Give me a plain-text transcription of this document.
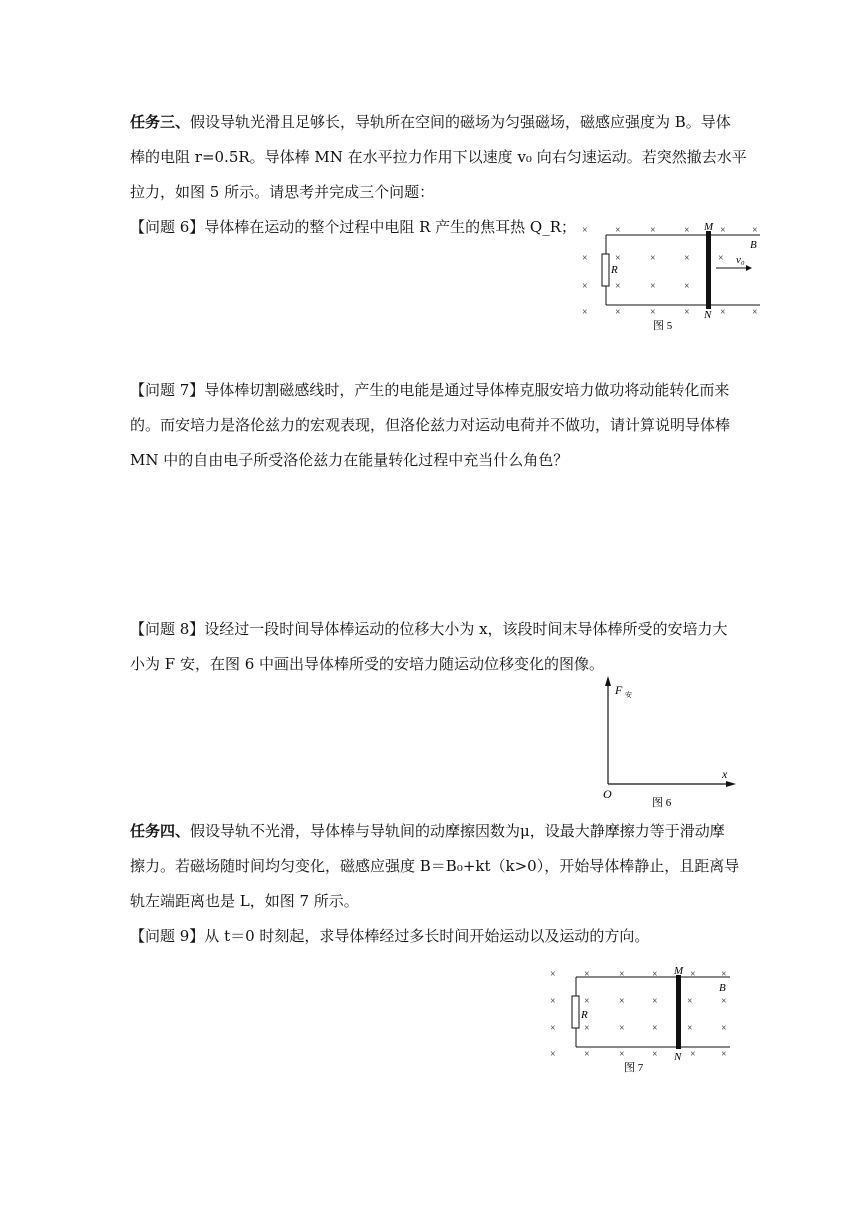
任务三、假设导轨光滑且足够长，导轨所在空间的磁场为匀强磁场，磁感应强度为 B。导体
棒的电阻 r=0.5R。导体棒 MN 在水平拉力作用下以速度 v₀ 向右匀速运动。若突然撤去水平
拉力，如图 5 所示。请思考并完成三个问题：
【问题 6】导体棒在运动的整个过程中电阻 R 产生的焦耳热 Q_R； ×	×	×	×	×	×
×	×	×	×	×
×	×	×	×
×	×	×	×	×	×
R
M
N
B
v₀
图 5
【问题 7】导体棒切割磁感线时，产生的电能是通过导体棒克服安培力做功将动能转化而来
的。而安培力是洛伦兹力的宏观表现，但洛伦兹力对运动电荷并不做功，请计算说明导体棒
MN 中的自由电子所受洛伦兹力在能量转化过程中充当什么角色？
【问题 8】设经过一段时间导体棒运动的位移大小为 x，该段时间末导体棒所受的安培力大
小为 F 安，在图 6 中画出导体棒所受的安培力随运动位移变化的图像。
F 安
x
O
图 6
任务四、假设导轨不光滑，导体棒与导轨间的动摩擦因数为μ，设最大静摩擦力等于滑动摩
擦力。若磁场随时间均匀变化，磁感应强度 B＝B₀+kt（k>0），开始导体棒静止，且距离导
轨左端距离也是 L，如图 7 所示。
【问题 9】从 t＝0 时刻起，求导体棒经过多长时间开始运动以及运动的方向。
×	×	×	×	×	×
×	×	×	×	×	×
×	×	×	×	×	×
×	×	×	×	×	×
R
M
N
B
图 7
